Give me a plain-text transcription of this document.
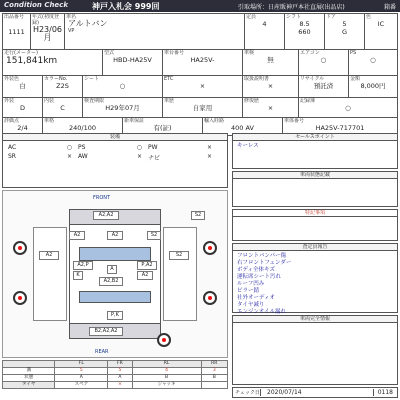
Condition Check	神戸入札会 999回	引取場所：日産販神戸本社直展(出品店)	箱番
出品番号
1111

年式(初度登録)
H23/06月

車名
アルトバン
VP

定員
4

シフト
8.5
660

ドア
5
G

色
IC
走行(メーター)
151,841km

型式
HBD-HA25V

車台番号
HA25V-

車検
無

エアコン
○

PS
○
外装色
白

カラーNo.
Z2S

シート
○

ETC
×

取扱説明書
×

リサイクル
預託済

金額
8,000円
外装
D

内装
C

検査期限
H29年07月

車歴
自家用

修復歴
×

記録簿
○
評価点
2/4

車格
240/100

新車保証
有(証)

輸入経路
400 AV

車体番号
HA25V-717701
装備
AC	○ PS	○ PW	×
SR	× AW	× ナビ	×
FRONT
REAR
A2,A2
A2
A
A2,B2
A2,P
K
P,A2
A2
P,K
B2,A2,A2
A2	S2
S2
A2	S2
	FL	FR	RL	RR
溝	5	5	4	3
状態	A	A	B	B
タイヤ	スペア	×	ジャッキ	
セールスポイント
キーレス
車両状態記載
特記事項
査定員報告
フロントバンパー傷
右フロントフェンダー
ボディ全体キズ
運転席シート汚れ
ルーフ凹み
ピラー錆
社外オーディオ
タイヤ減り
エンジンオイル漏れ
車両完全情報
チェック日	2020/07/14	0118
